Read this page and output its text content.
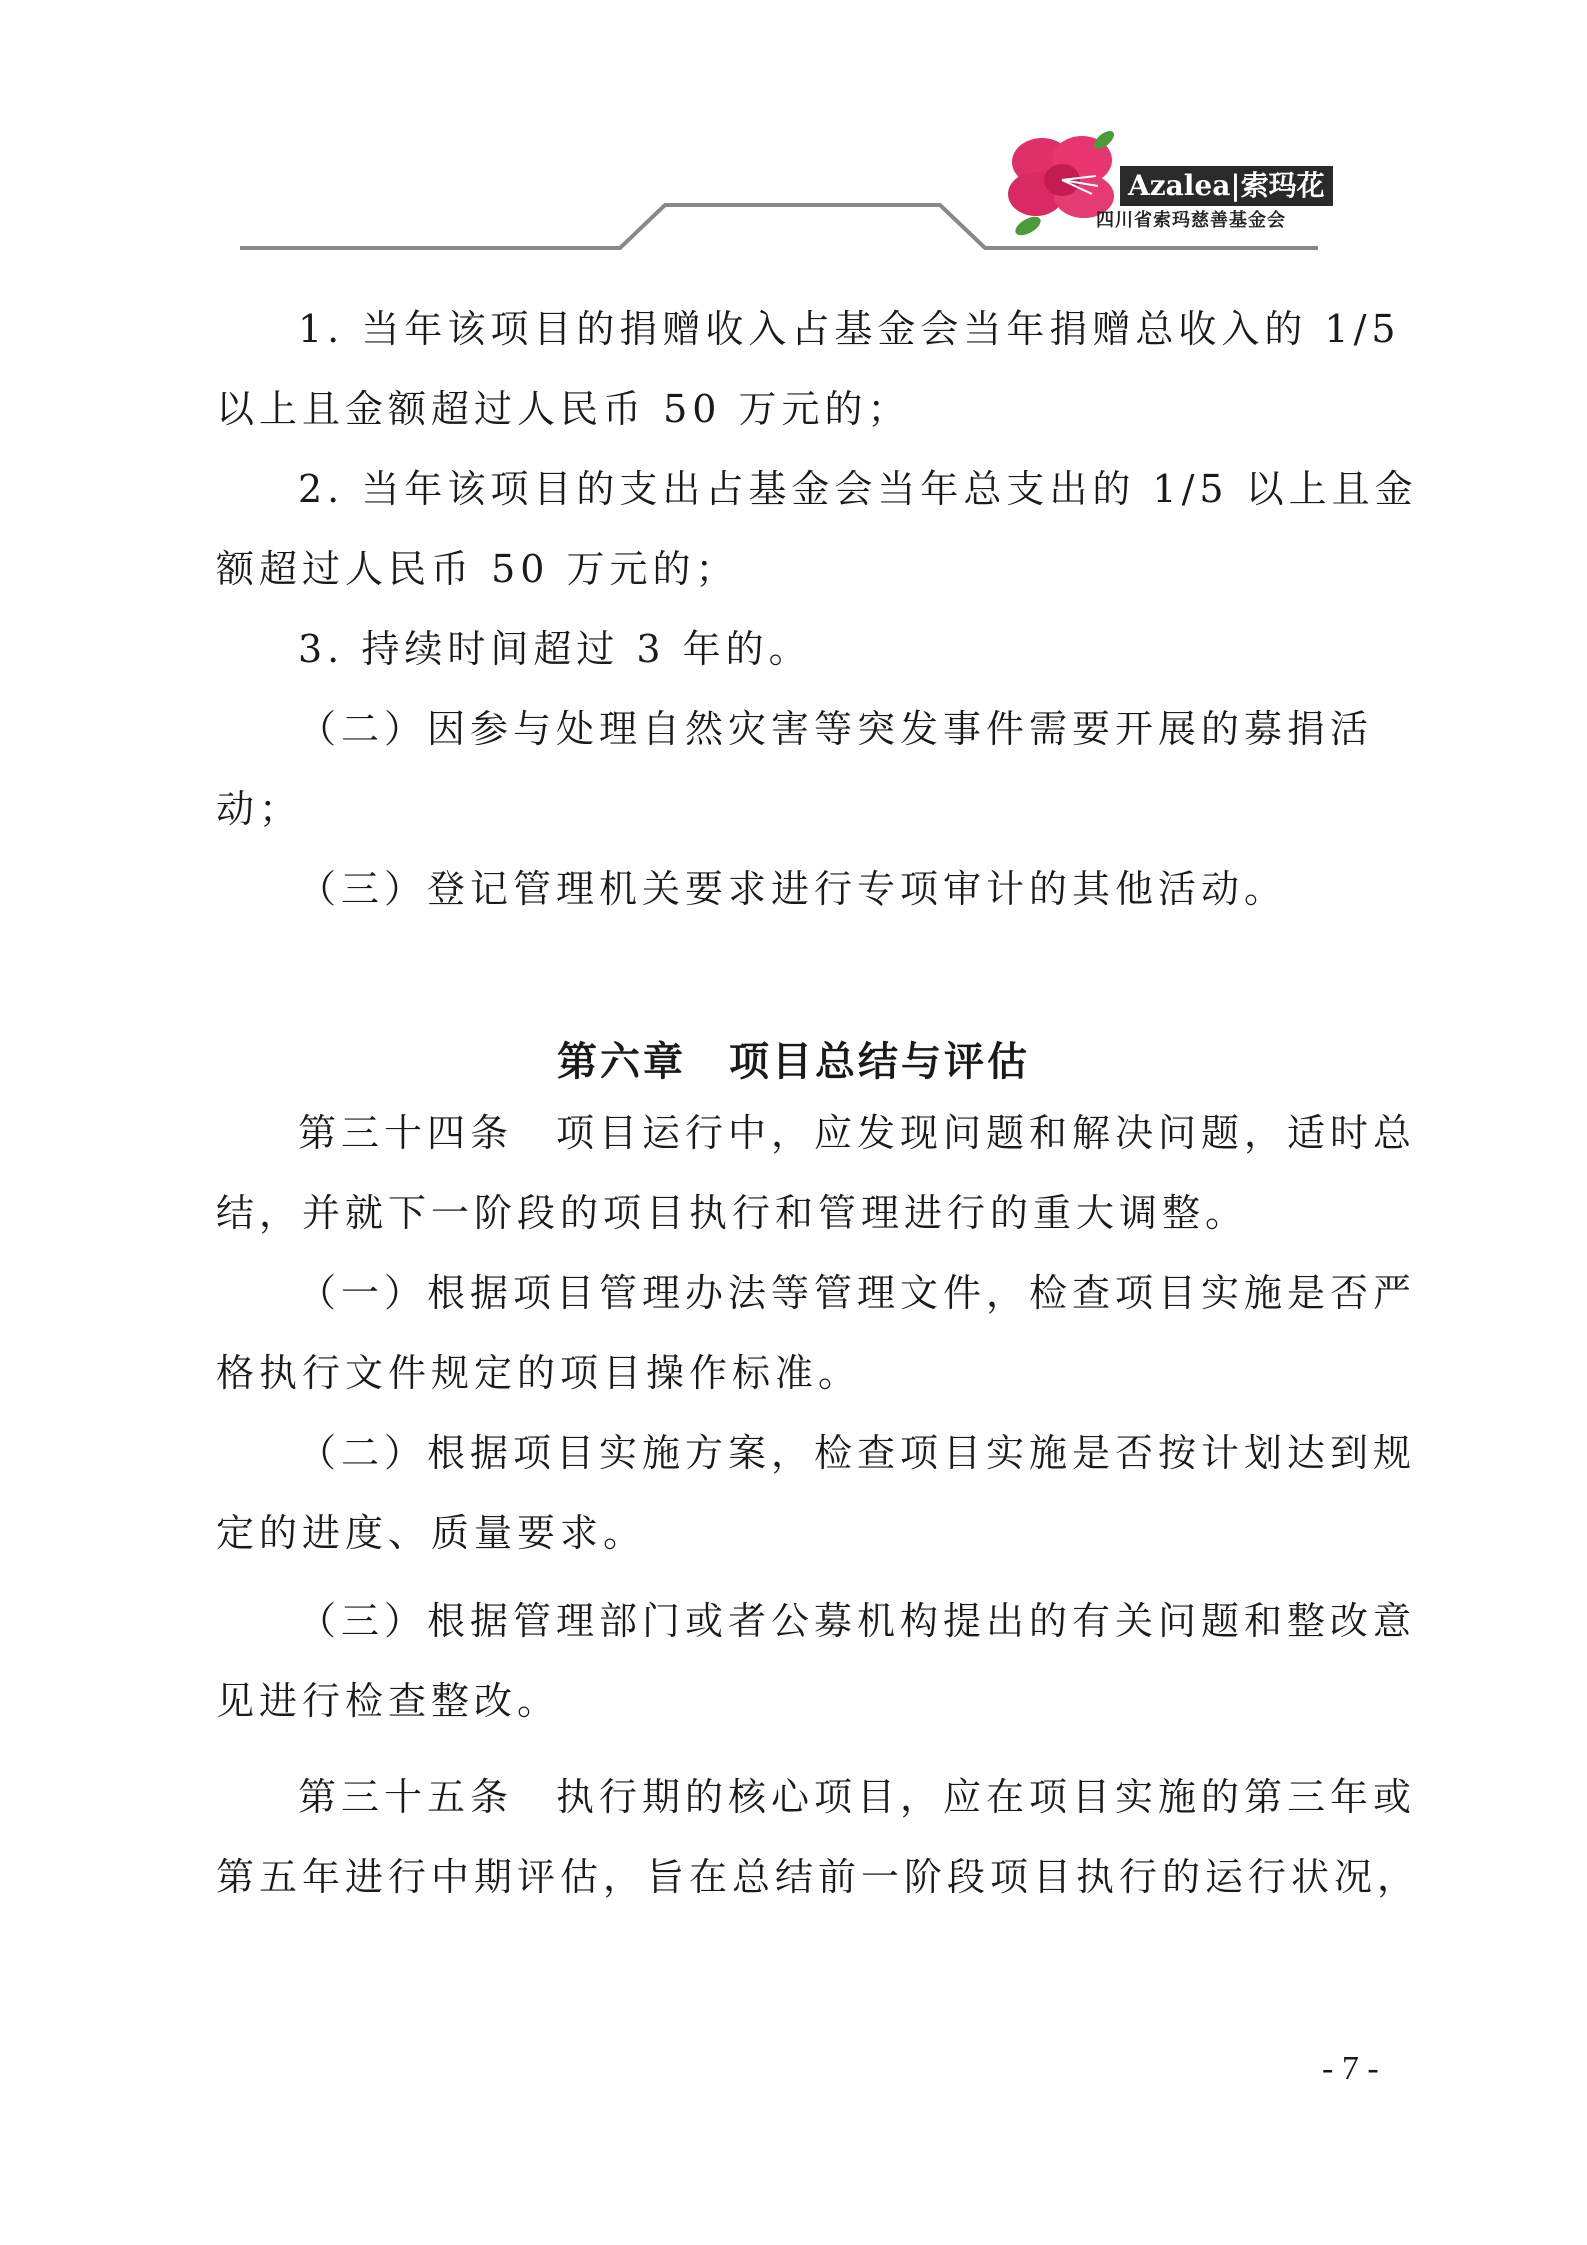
Azalea|索玛花
四川省索玛慈善基金会
1. 当年该项目的捐赠收入占基金会当年捐赠总收入的 1/5
以上且金额超过人民币 50 万元的；
2. 当年该项目的支出占基金会当年总支出的 1/5 以上且金
额超过人民币 50 万元的；
3. 持续时间超过 3 年的。
（二）因参与处理自然灾害等突发事件需要开展的募捐活
动；
（三）登记管理机关要求进行专项审计的其他活动。
第六章　项目总结与评估
第三十四条　项目运行中，应发现问题和解决问题，适时总
结，并就下一阶段的项目执行和管理进行的重大调整。
（一）根据项目管理办法等管理文件，检查项目实施是否严
格执行文件规定的项目操作标准。
（二）根据项目实施方案，检查项目实施是否按计划达到规
定的进度、质量要求。
（三）根据管理部门或者公募机构提出的有关问题和整改意
见进行检查整改。
第三十五条　执行期的核心项目，应在项目实施的第三年或
第五年进行中期评估，旨在总结前一阶段项目执行的运行状况，
- 7 -
